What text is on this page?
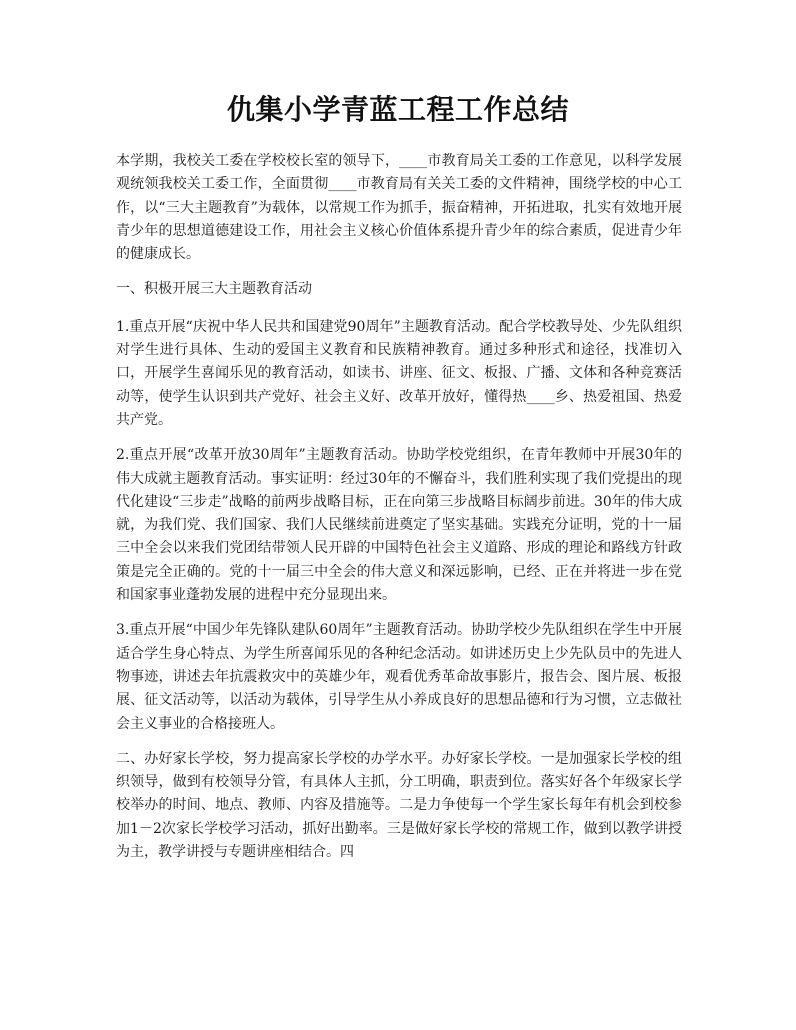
仇集小学青蓝工程工作总结

本学期，我校关工委在学校校长室的领导下，____市教育局关工委的工作意见，以科学发展观统领我校关工委工作，全面贯彻____市教育局有关关工委的文件精神，围绕学校的中心工作，以“三大主题教育”为载体，以常规工作为抓手，振奋精神，开拓进取，扎实有效地开展青少年的思想道德建设工作，用社会主义核心价值体系提升青少年的综合素质，促进青少年的健康成长。

一、积极开展三大主题教育活动

1.重点开展“庆祝中华人民共和国建党90周年”主题教育活动。配合学校教导处、少先队组织对学生进行具体、生动的爱国主义教育和民族精神教育。通过多种形式和途径，找准切入口，开展学生喜闻乐见的教育活动，如读书、讲座、征文、板报、广播、文体和各种竞赛活动等，使学生认识到共产党好、社会主义好、改革开放好，懂得热____乡、热爱祖国、热爱共产党。

2.重点开展“改革开放30周年”主题教育活动。协助学校党组织，在青年教师中开展30年的伟大成就主题教育活动。事实证明：经过30年的不懈奋斗，我们胜利实现了我们党提出的现代化建设“三步走”战略的前两步战略目标，正在向第三步战略目标阔步前进。30年的伟大成就，为我们党、我们国家、我们人民继续前进奠定了坚实基础。实践充分证明，党的十一届三中全会以来我们党团结带领人民开辟的中国特色社会主义道路、形成的理论和路线方针政策是完全正确的。党的十一届三中全会的伟大意义和深远影响，已经、正在并将进一步在党和国家事业蓬勃发展的进程中充分显现出来。

3.重点开展“中国少年先锋队建队60周年”主题教育活动。协助学校少先队组织在学生中开展适合学生身心特点、为学生所喜闻乐见的各种纪念活动。如讲述历史上少先队员中的先进人物事迹，讲述去年抗震救灾中的英雄少年，观看优秀革命故事影片，报告会、图片展、板报展、征文活动等，以活动为载体，引导学生从小养成良好的思想品德和行为习惯，立志做社会主义事业的合格接班人。

二、办好家长学校，努力提高家长学校的办学水平。办好家长学校。一是加强家长学校的组织领导，做到有校领导分管，有具体人主抓，分工明确，职责到位。落实好各个年级家长学校举办的时间、地点、教师、内容及措施等。二是力争使每一个学生家长每年有机会到校参加1－2次家长学校学习活动，抓好出勤率。三是做好家长学校的常规工作，做到以教学讲授为主，教学讲授与专题讲座相结合。四
